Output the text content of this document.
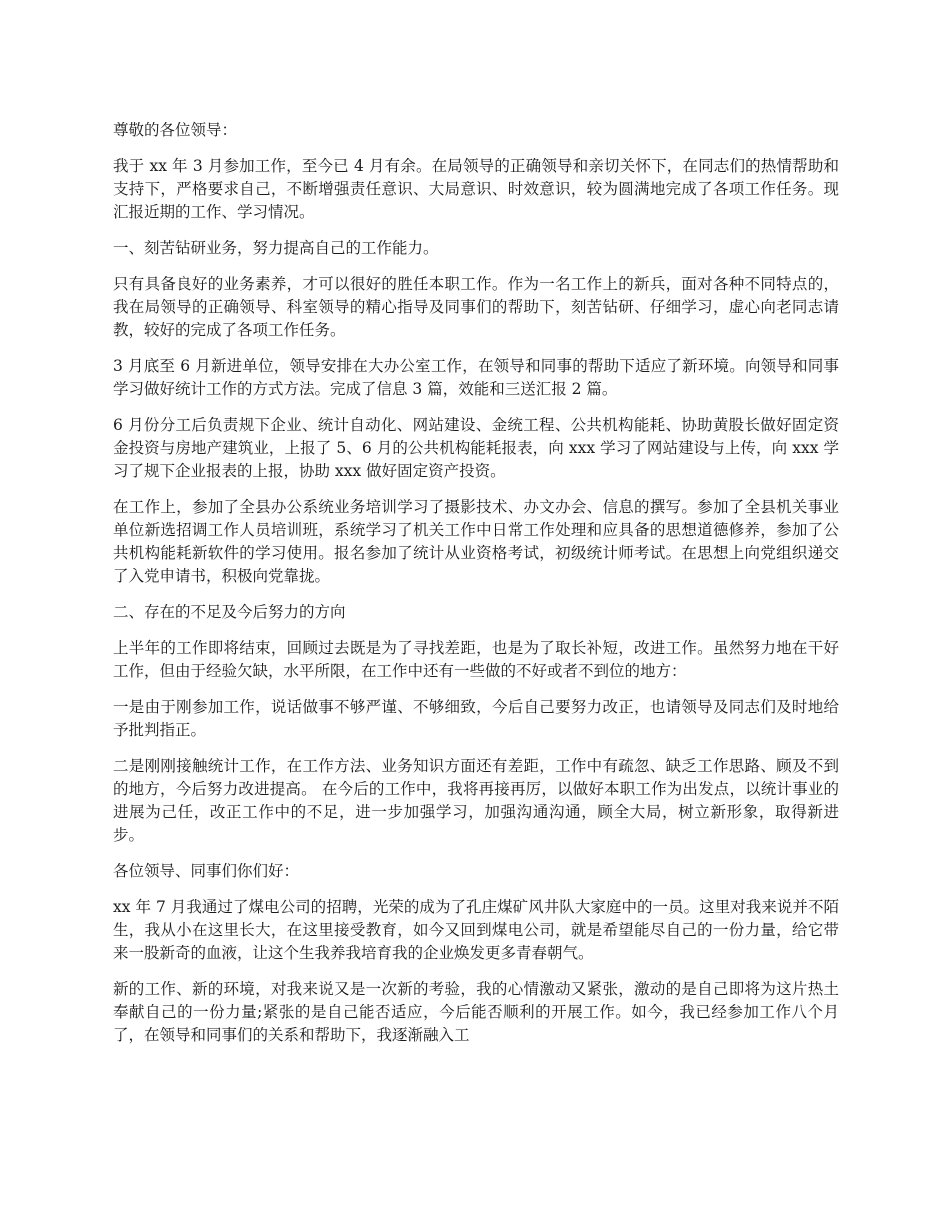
尊敬的各位领导：

我于 xx 年 3 月参加工作，至今已 4 月有余。在局领导的正确领导和亲切关怀下，在同志们的热情帮助和支持下，严格要求自己，不断增强责任意识、大局意识、时效意识，较为圆满地完成了各项工作任务。现汇报近期的工作、学习情况。

一、刻苦钻研业务，努力提高自己的工作能力。

只有具备良好的业务素养，才可以很好的胜任本职工作。作为一名工作上的新兵，面对各种不同特点的，我在局领导的正确领导、科室领导的精心指导及同事们的帮助下，刻苦钻研、仔细学习，虚心向老同志请教，较好的完成了各项工作任务。

3 月底至 6 月新进单位，领导安排在大办公室工作，在领导和同事的帮助下适应了新环境。向领导和同事学习做好统计工作的方式方法。完成了信息 3 篇，效能和三送汇报 2 篇。

6 月份分工后负责规下企业、统计自动化、网站建设、金统工程、公共机构能耗、协助黄股长做好固定资金投资与房地产建筑业，上报了 5、6 月的公共机构能耗报表，向 xxx 学习了网站建设与上传，向 xxx 学习了规下企业报表的上报，协助 xxx 做好固定资产投资。

在工作上，参加了全县办公系统业务培训学习了摄影技术、办文办会、信息的撰写。参加了全县机关事业单位新选招调工作人员培训班，系统学习了机关工作中日常工作处理和应具备的思想道德修养，参加了公共机构能耗新软件的学习使用。报名参加了统计从业资格考试，初级统计师考试。在思想上向党组织递交了入党申请书，积极向党靠拢。

二、存在的不足及今后努力的方向

上半年的工作即将结束，回顾过去既是为了寻找差距，也是为了取长补短，改进工作。虽然努力地在干好工作，但由于经验欠缺，水平所限，在工作中还有一些做的不好或者不到位的地方：

一是由于刚参加工作，说话做事不够严谨、不够细致，今后自己要努力改正，也请领导及同志们及时地给予批判指正。

二是刚刚接触统计工作，在工作方法、业务知识方面还有差距，工作中有疏忽、缺乏工作思路、顾及不到的地方，今后努力改进提高。 在今后的工作中，我将再接再厉，以做好本职工作为出发点，以统计事业的进展为己任，改正工作中的不足，进一步加强学习，加强沟通沟通，顾全大局，树立新形象，取得新进步。

各位领导、同事们你们好：

xx 年 7 月我通过了煤电公司的招聘，光荣的成为了孔庄煤矿风井队大家庭中的一员。这里对我来说并不陌生，我从小在这里长大，在这里接受教育，如今又回到煤电公司，就是希望能尽自己的一份力量，给它带来一股新奇的血液，让这个生我养我培育我的企业焕发更多青春朝气。

新的工作、新的环境，对我来说又是一次新的考验，我的心情激动又紧张，激动的是自己即将为这片热土奉献自己的一份力量;紧张的是自己能否适应，今后能否顺利的开展工作。如今，我已经参加工作八个月了，在领导和同事们的关系和帮助下，我逐渐融入工
